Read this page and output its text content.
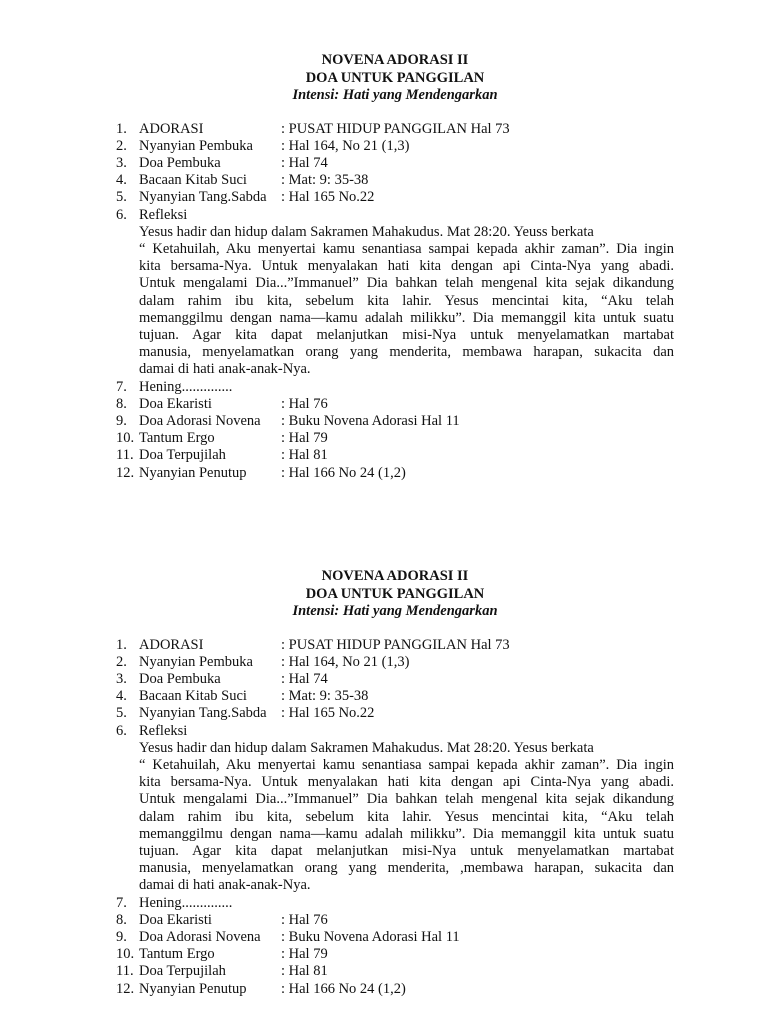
NOVENA ADORASI II
DOA UNTUK PANGGILAN
Intensi: Hati yang Mendengarkan
1. ADORASI	: PUSAT HIDUP PANGGILAN Hal 73
2. Nyanyian Pembuka	: Hal 164, No 21 (1,3)
3. Doa Pembuka	: Hal 74
4. Bacaan Kitab Suci	: Mat: 9: 35-38
5. Nyanyian Tang.Sabda : Hal 165 No.22
6. Refleksi
Yesus hadir dan hidup dalam Sakramen Mahakudus. Mat 28:20. Yeuss berkata
“ Ketahuilah, Aku menyertai kamu senantiasa sampai kepada akhir zaman”. Dia ingin
kita bersama-Nya. Untuk menyalakan hati kita dengan api Cinta-Nya yang abadi.
Untuk mengalami Dia...”Immanuel” Dia bahkan telah mengenal kita sejak dikandung
dalam rahim ibu kita, sebelum kita lahir. Yesus mencintai kita, “Aku telah
memanggilmu dengan nama—kamu adalah milikku”. Dia memanggil kita untuk suatu
tujuan. Agar kita dapat melanjutkan misi-Nya untuk menyelamatkan martabat
manusia, menyelamatkan orang yang menderita, membawa harapan, sukacita dan
damai di hati anak-anak-Nya.
7. Hening..............
8. Doa Ekaristi	: Hal 76
9. Doa Adorasi Novena	: Buku Novena Adorasi Hal 11
10. Tantum Ergo	: Hal 79
11. Doa Terpujilah	: Hal 81
12. Nyanyian Penutup	: Hal 166 No 24 (1,2)
NOVENA ADORASI II
DOA UNTUK PANGGILAN
Intensi: Hati yang Mendengarkan
1. ADORASI	: PUSAT HIDUP PANGGILAN Hal 73
2. Nyanyian Pembuka	: Hal 164, No 21 (1,3)
3. Doa Pembuka	: Hal 74
4. Bacaan Kitab Suci	: Mat: 9: 35-38
5. Nyanyian Tang.Sabda : Hal 165 No.22
6. Refleksi
Yesus hadir dan hidup dalam Sakramen Mahakudus. Mat 28:20. Yesus berkata
“ Ketahuilah, Aku menyertai kamu senantiasa sampai kepada akhir zaman”. Dia ingin
kita bersama-Nya. Untuk menyalakan hati kita dengan api Cinta-Nya yang abadi.
Untuk mengalami Dia...”Immanuel” Dia bahkan telah mengenal kita sejak dikandung
dalam rahim ibu kita, sebelum kita lahir. Yesus mencintai kita, “Aku telah
memanggilmu dengan nama—kamu adalah milikku”. Dia memanggil kita untuk suatu
tujuan. Agar kita dapat melanjutkan misi-Nya untuk menyelamatkan martabat
manusia, menyelamatkan orang yang menderita, ,membawa harapan, sukacita dan
damai di hati anak-anak-Nya.
7. Hening..............
8. Doa Ekaristi	: Hal 76
9. Doa Adorasi Novena	: Buku Novena Adorasi Hal 11
10. Tantum Ergo	: Hal 79
11. Doa Terpujilah	: Hal 81
12. Nyanyian Penutup	: Hal 166 No 24 (1,2)
